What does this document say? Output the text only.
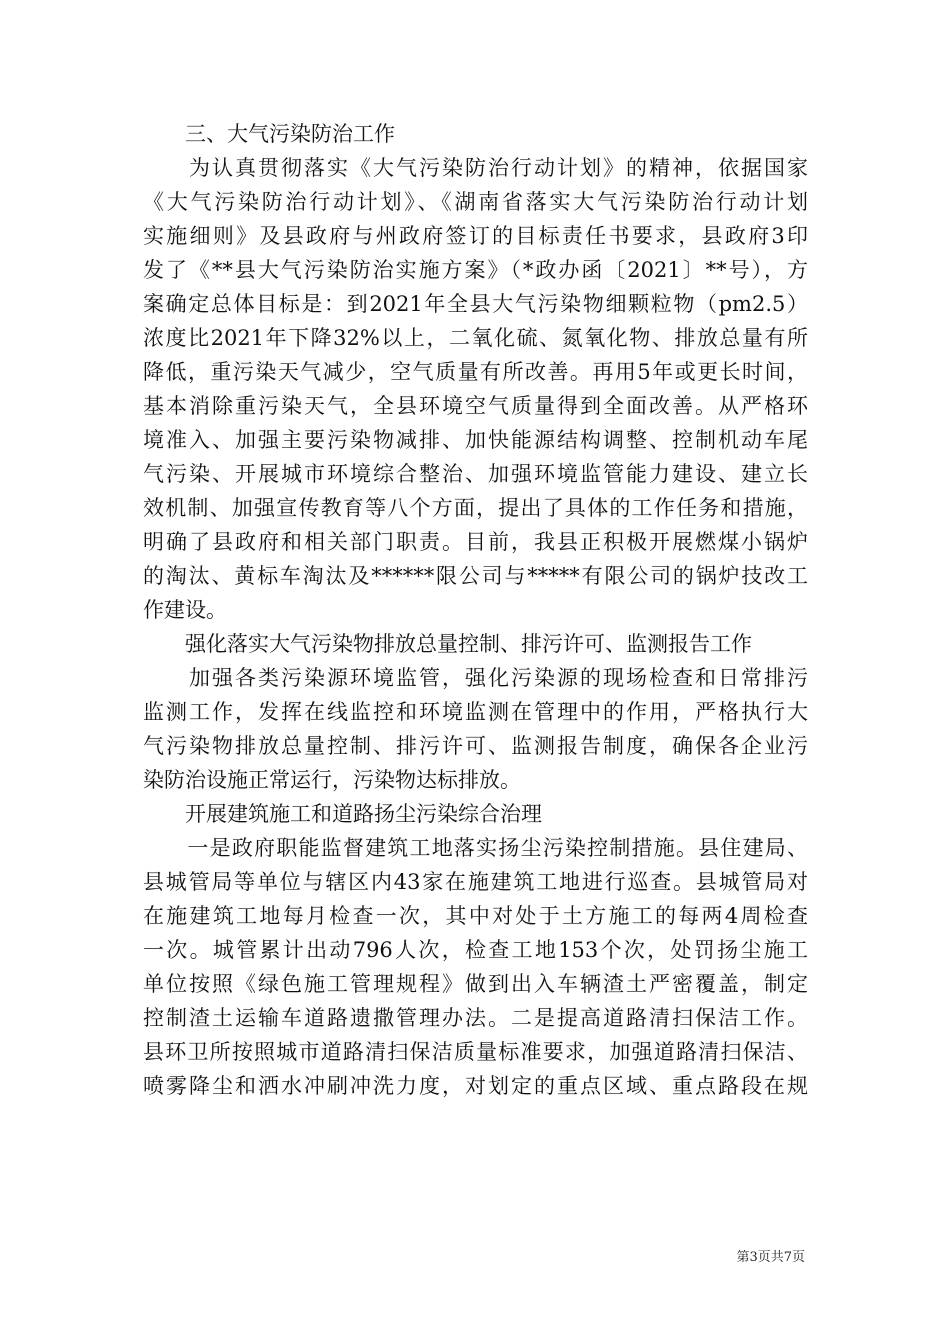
　　三、大气污染防治工作
　　为认真贯彻落实《大气污染防治行动计划》的精神，依据国家
《大气污染防治行动计划》、《湖南省落实大气污染防治行动计划
实施细则》及县政府与州政府签订的目标责任书要求，县政府3印
发了《**县大气污染防治实施方案》（*政办函〔2021〕**号），方
案确定总体目标是：到2021年全县大气污染物细颗粒物（pm2.5）
浓度比2021年下降32%以上，二氧化硫、氮氧化物、排放总量有所
降低，重污染天气减少，空气质量有所改善。再用5年或更长时间，
基本消除重污染天气，全县环境空气质量得到全面改善。从严格环
境准入、加强主要污染物减排、加快能源结构调整、控制机动车尾
气污染、开展城市环境综合整治、加强环境监管能力建设、建立长
效机制、加强宣传教育等八个方面，提出了具体的工作任务和措施，
明确了县政府和相关部门职责。目前，我县正积极开展燃煤小锅炉
的淘汰、黄标车淘汰及******限公司与*****有限公司的锅炉技改工
作建设。
　　强化落实大气污染物排放总量控制、排污许可、监测报告工作
　　加强各类污染源环境监管，强化污染源的现场检查和日常排污
监测工作，发挥在线监控和环境监测在管理中的作用，严格执行大
气污染物排放总量控制、排污许可、监测报告制度，确保各企业污
染防治设施正常运行，污染物达标排放。
　　开展建筑施工和道路扬尘污染综合治理
　　一是政府职能监督建筑工地落实扬尘污染控制措施。县住建局、
县城管局等单位与辖区内43家在施建筑工地进行巡查。县城管局对
在施建筑工地每月检查一次，其中对处于土方施工的每两4周检查
一次。城管累计出动796人次，检查工地153个次，处罚扬尘施工
单位按照《绿色施工管理规程》做到出入车辆渣土严密覆盖，制定
控制渣土运输车道路遗撒管理办法。二是提高道路清扫保洁工作。
县环卫所按照城市道路清扫保洁质量标准要求，加强道路清扫保洁、
喷雾降尘和洒水冲刷冲洗力度，对划定的重点区域、重点路段在规
第3页共7页
